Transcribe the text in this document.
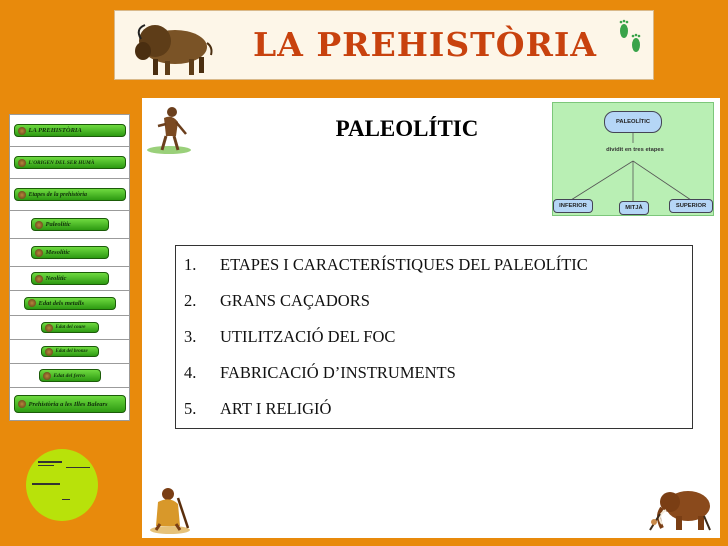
LA PREHISTÒRIA
LA PREHISTÒRIA
L'ORIGEN DEL SER HUMÀ
Etapes de la prehistòria
Paleolític
Mesolític
Neolític
Edat dels metalls
Edat del coure
Edat del bronze
Edat del ferro
Prehistòria a les Illes Balears
PALEOLÍTIC	PALEOLÍTIC
dividit en tres etapes
INFERIOR	MITJÀ	SUPERIOR
1. ETAPES I CARACTERÍSTIQUES DEL PALEOLÍTIC
2. GRANS CAÇADORS
3. UTILITZACIÓ DEL FOC
4. FABRICACIÓ D’INSTRUMENTS
5. ART I RELIGIÓ
